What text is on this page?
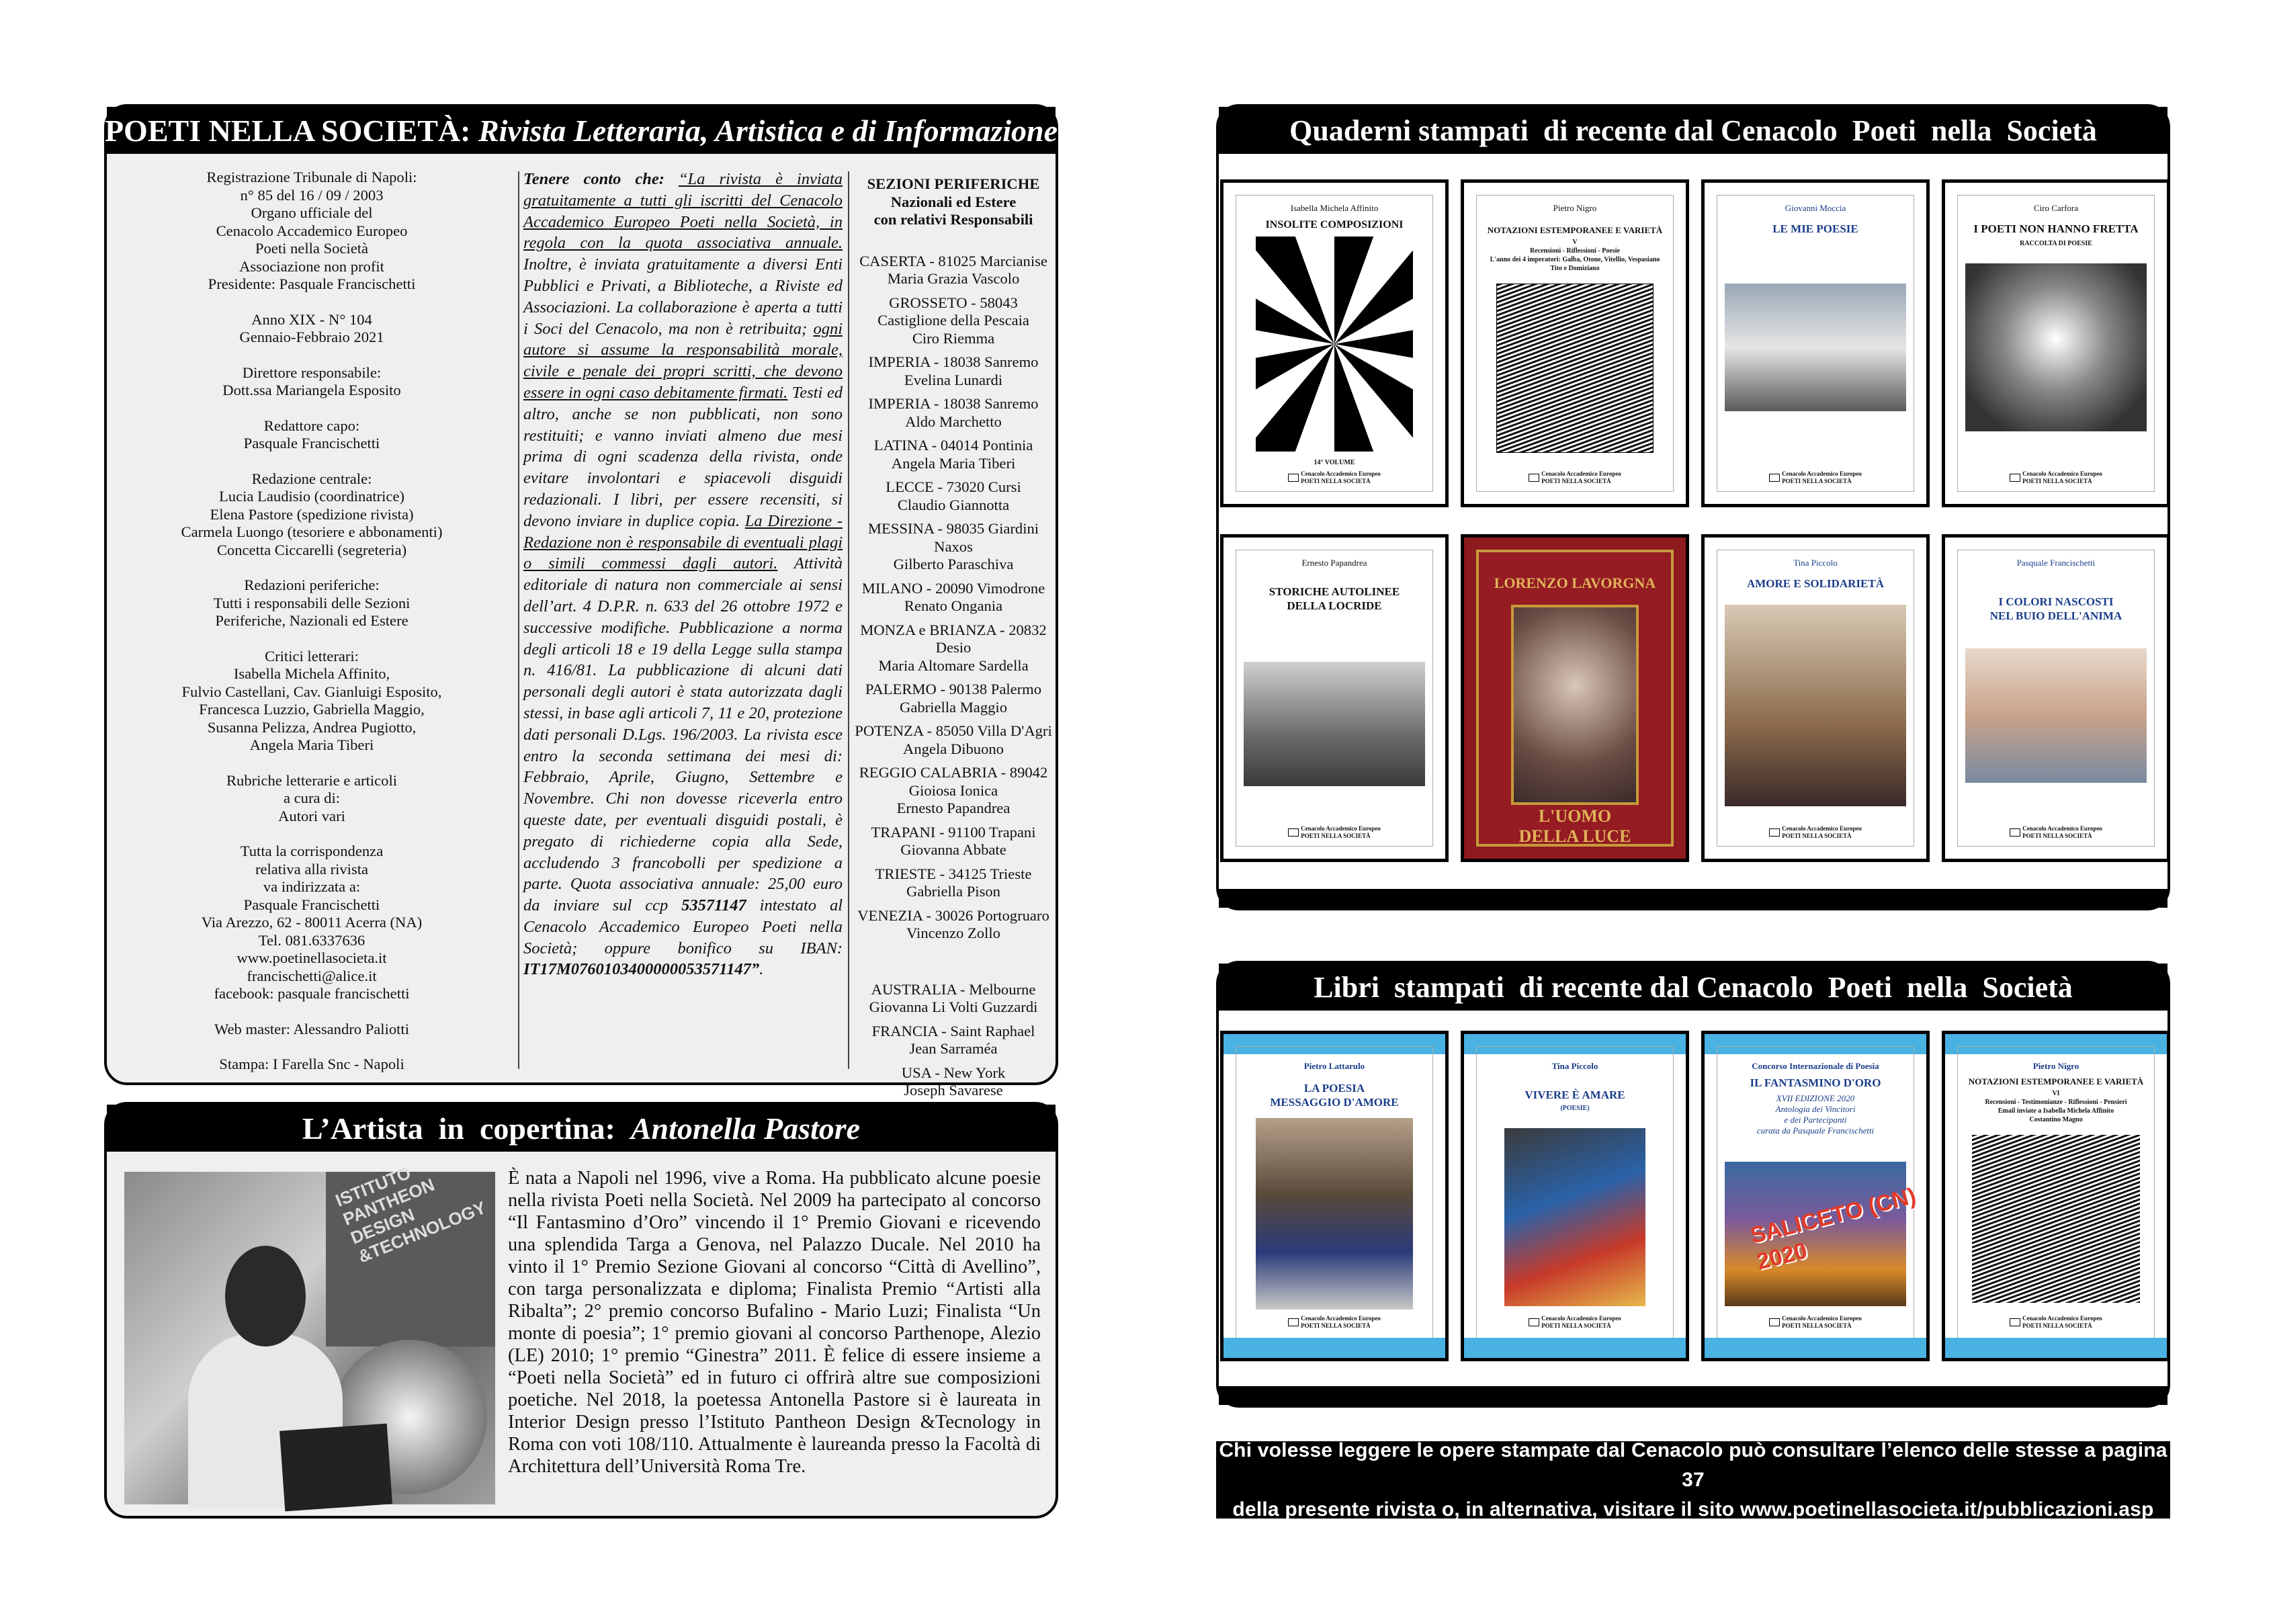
POETI NELLA SOCIETÀ:
Rivista Letteraria, Artistica e di Informazione
Registrazione Tribunale di Napoli:
n° 85 del 16 / 09 / 2003
Organo ufficiale del
Cenacolo Accademico Europeo
Poeti nella Società
Associazione non profit
Presidente: Pasquale Francischetti
Anno XIX - N° 104
Gennaio-Febbraio 2021
Direttore responsabile:
Dott.ssa Mariangela Esposito
Redattore capo:
Pasquale Francischetti
Redazione centrale:
Lucia Laudisio (coordinatrice)
Elena Pastore (spedizione rivista)
Carmela Luongo (tesoriere e abbonamenti)
Concetta Ciccarelli (segreteria)
Redazioni periferiche:
Tutti i responsabili delle Sezioni
Periferiche, Nazionali ed Estere
Critici letterari:
Isabella Michela Affinito,
Fulvio Castellani, Cav. Gianluigi Esposito,
Francesca Luzzio, Gabriella Maggio,
Susanna Pelizza, Andrea Pugiotto,
Angela Maria Tiberi
Rubriche letterarie e articoli
a cura di:
Autori vari
Tutta la corrispondenza
relativa alla rivista
va indirizzata a:
Pasquale Francischetti
Via Arezzo, 62 - 80011 Acerra (NA)
Tel. 081.6337636
www.poetinellasocieta.it
francischetti@alice.it
facebook: pasquale francischetti
Web master: Alessandro Paliotti
Stampa: I Farella Snc - Napoli
Tenere conto che: “La rivista è inviata gratuitamente a tutti gli iscritti del Cenacolo Accademico Europeo Poeti nella Società, in regola con la quota associativa annuale. Inoltre, è inviata gratuitamente a diversi Enti Pubblici e Privati, a Biblioteche, a Riviste ed Associazioni. La collaborazione è aperta a tutti i Soci del Cenacolo, ma non è retribuita; ogni autore si assume la responsabilità morale, civile e penale dei propri scritti, che devono essere in ogni caso debitamente firmati. Testi ed altro, anche se non pubblicati, non sono restituiti; e vanno inviati almeno due mesi prima di ogni scadenza della rivista, onde evitare involontari e spiacevoli disguidi redazionali. I libri, per essere recensiti, si devono inviare in duplice copia. La Direzione - Redazione non è responsabile di eventuali plagi o simili commessi dagli autori. Attività editoriale di natura non commerciale ai sensi dell’art. 4 D.P.R. n. 633 del 26 ottobre 1972 e successive modifiche. Pubblicazione a norma degli articoli 18 e 19 della Legge sulla stampa n. 416/81. La pubblicazione di alcuni dati personali degli autori è stata autorizzata dagli stessi, in base agli articoli 7, 11 e 20, protezione dati personali D.Lgs. 196/2003. La rivista esce entro la seconda settimana dei mesi di: Febbraio, Aprile, Giugno, Settembre e Novembre. Chi non dovesse riceverla entro queste date, per eventuali disguidi postali, è pregato di richiederne copia alla Sede, accludendo 3 francobolli per spedizione a parte. Quota associativa annuale: 25,00 euro da inviare sul ccp 53571147 intestato al Cenacolo Accademico Europeo Poeti nella Società; oppure bonifico su IBAN: IT17M0760103400000053571147”.
SEZIONI PERIFERICHE
Nazionali ed Estere
con relativi Responsabili
CASERTA - 81025 Marcianise
Maria Grazia Vascolo
GROSSETO - 58043 Castiglione della Pescaia
Ciro Riemma
IMPERIA - 18038 Sanremo
Evelina Lunardi
IMPERIA - 18038 Sanremo
Aldo Marchetto
LATINA - 04014 Pontinia
Angela Maria Tiberi
LECCE - 73020 Cursi
Claudio Giannotta
MESSINA - 98035 Giardini Naxos
Gilberto Paraschiva
MILANO - 20090 Vimodrone
Renato Ongania
MONZA e BRIANZA - 20832 Desio
Maria Altomare Sardella
PALERMO - 90138 Palermo
Gabriella Maggio
POTENZA - 85050 Villa D'Agri
Angela Dibuono
REGGIO CALABRIA - 89042 Gioiosa Ionica
Ernesto Papandrea
TRAPANI - 91100 Trapani
Giovanna Abbate
TRIESTE - 34125 Trieste
Gabriella Pison
VENEZIA - 30026 Portogruaro
Vincenzo Zollo
AUSTRALIA - Melbourne
Giovanna Li Volti Guzzardi
FRANCIA - Saint Raphael
Jean Sarraméa
USA - New York
Joseph Savarese
L’Artista  in  copertina:
Antonella Pastore
ISTITUTO
PANTHEON
DESIGN
&TECHNOLOGY
È nata a Napoli nel 1996, vive a Roma. Ha pubblicato alcune poesie nella rivista Poeti nella Società. Nel 2009 ha partecipato al concorso “Il Fantasmino d’Oro” vincendo il 1° Premio Giovani e ricevendo una splendida Targa a Genova, nel Palazzo Ducale. Nel 2010 ha vinto il 1° Premio Sezione Giovani al concorso “Città di Avellino”, con targa personalizzata e diploma; Finalista Premio “Artisti alla Ribalta”; 2° premio concorso Bufalino - Mario Luzi; Finalista “Un monte di poesia”; 1° premio giovani al concorso Parthenope, Alezio (LE) 2010; 1° premio “Ginestra” 2011. È felice di essere insieme a “Poeti nella Società” ed in futuro ci offrirà altre sue composizioni poetiche. Nel 2018, la poetessa Antonella Pastore si è laureata in Interior Design presso l’Istituto Pantheon Design &Tecnology in Roma con voti 108/110. Attualmente è laureanda presso la Facoltà di Architettura dell’Università Roma Tre.
Quaderni stampati  di recente dal Cenacolo  Poeti  nella  Società
Isabella Michela Affinito
INSOLITE COMPOSIZIONI
14° VOLUME
Cenacolo Accademico Europeo
POETI NELLA SOCIETÀ
Pietro Nigro
NOTAZIONI ESTEMPORANEE E VARIETÀ
V
Recensioni - Riflessioni - Poesie
L'anno dei 4 imperatori: Galba, Otone, Vitellio, Vespasiano
Tito e Domiziano
Cenacolo Accademico Europeo
POETI NELLA SOCIETÀ
Giovanni Moccia
LE MIE POESIE
Cenacolo Accademico Europeo
POETI NELLA SOCIETÀ
Ciro Carfora
I POETI NON HANNO FRETTA
RACCOLTA DI POESIE
Cenacolo Accademico Europeo
POETI NELLA SOCIETÀ
Ernesto Papandrea
STORICHE AUTOLINEE
DELLA LOCRIDE
Cenacolo Accademico Europeo
POETI NELLA SOCIETÀ
LORENZO LAVORGNA
L'UOMO
DELLA LUCE
Tina Piccolo
AMORE E SOLIDARIETÀ
Cenacolo Accademico Europeo
POETI NELLA SOCIETÀ
Pasquale Francischetti
I COLORI NASCOSTI
NEL BUIO DELL'ANIMA
Cenacolo Accademico Europeo
POETI NELLA SOCIETÀ
Libri  stampati  di recente dal Cenacolo  Poeti  nella  Società
Pietro Lattarulo
LA POESIA
MESSAGGIO D'AMORE
Cenacolo Accademico Europeo
POETI NELLA SOCIETÀ
Tina Piccolo
VIVERE È AMARE
(POESIE)
Cenacolo Accademico Europeo
POETI NELLA SOCIETÀ
Concorso Internazionale di Poesia
IL FANTASMINO D'ORO
XVII EDIZIONE 2020
Antologia dei Vincitori
e dei Partecipanti
curata da Pasquale Francischetti
SALICETO (CN)
2020
Cenacolo Accademico Europeo
POETI NELLA SOCIETÀ
Pietro Nigro
NOTAZIONI ESTEMPORANEE E VARIETÀ
VI
Recensioni - Testimonianze - Riflessioni - Pensieri
Email inviate a Isabella Michela Affinito
Costantino Magno
Cenacolo Accademico Europeo
POETI NELLA SOCIETÀ
Chi volesse leggere le opere stampate dal Cenacolo può consultare l’elenco delle stesse a pagina 37
della presente rivista o, in alternativa, visitare il sito www.poetinellasocieta.it/pubblicazioni.asp
